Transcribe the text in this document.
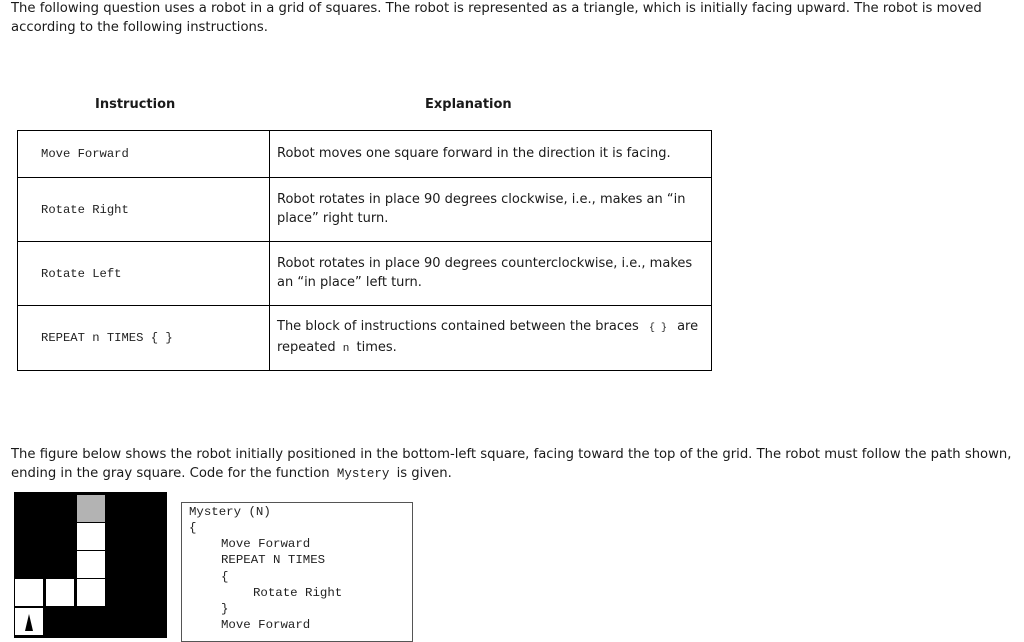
The following question uses a robot in a grid of squares. The robot is represented as a triangle, which is initially facing upward. The robot is moved according to the following instructions.
Instruction	Explanation
Move Forward	Robot moves one square forward in the direction it is facing.
Rotate Right	Robot rotates in place 90 degrees clockwise, i.e., makes an “in place” right turn.
Rotate Left	Robot rotates in place 90 degrees counterclockwise, i.e., makes an “in place” left turn.
REPEAT n TIMES { }	The block of instructions contained between the braces { } are repeated n times.
The figure below shows the robot initially positioned in the bottom-left square, facing toward the top of the grid. The robot must follow the path shown, ending in the gray square. Code for the function Mystery is given.
Mystery (N)
{
Move Forward
REPEAT N TIMES
{
Rotate Right
}
Move Forward
